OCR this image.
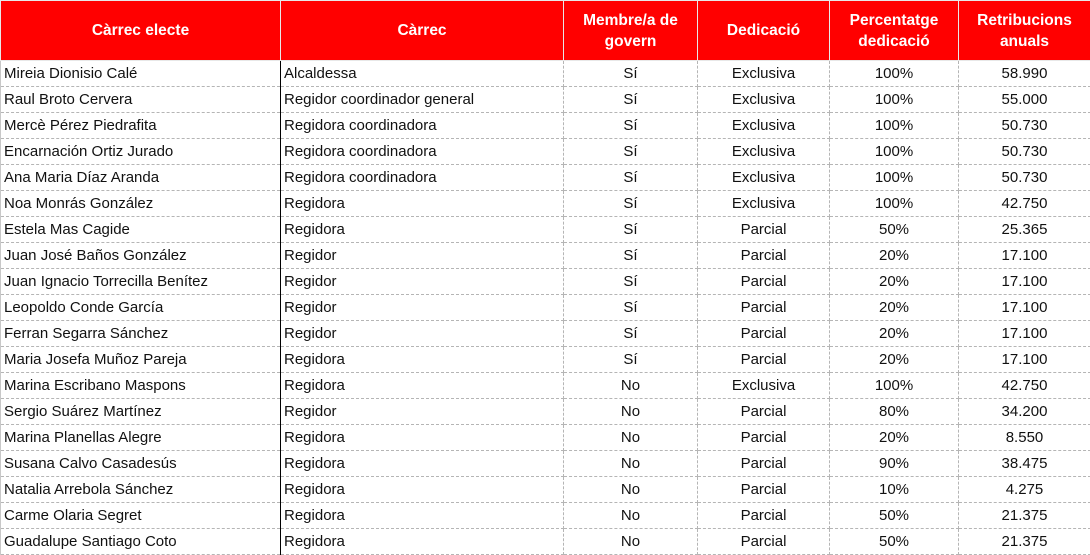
Càrrec electe	Càrrec	Membre/a de govern	Dedicació	Percentatge dedicació	Retribucions anuals
Mireia Dionisio Calé	Alcaldessa	Sí	Exclusiva	100%	58.990
Raul Broto Cervera	Regidor coordinador general	Sí	Exclusiva	100%	55.000
Mercè Pérez Piedrafita	Regidora coordinadora	Sí	Exclusiva	100%	50.730
Encarnación Ortiz Jurado	Regidora coordinadora	Sí	Exclusiva	100%	50.730
Ana Maria Díaz Aranda	Regidora coordinadora	Sí	Exclusiva	100%	50.730
Noa Monrás González	Regidora	Sí	Exclusiva	100%	42.750
Estela Mas Cagide	Regidora	Sí	Parcial	50%	25.365
Juan José Baños González	Regidor	Sí	Parcial	20%	17.100
Juan Ignacio Torrecilla Benítez	Regidor	Sí	Parcial	20%	17.100
Leopoldo Conde García	Regidor	Sí	Parcial	20%	17.100
Ferran Segarra Sánchez	Regidor	Sí	Parcial	20%	17.100
Maria Josefa Muñoz Pareja	Regidora	Sí	Parcial	20%	17.100
Marina Escribano Maspons	Regidora	No	Exclusiva	100%	42.750
Sergio Suárez Martínez	Regidor	No	Parcial	80%	34.200
Marina Planellas Alegre	Regidora	No	Parcial	20%	8.550
Susana Calvo Casadesús	Regidora	No	Parcial	90%	38.475
Natalia Arrebola Sánchez	Regidora	No	Parcial	10%	4.275
Carme Olaria Segret	Regidora	No	Parcial	50%	21.375
Guadalupe Santiago Coto	Regidora	No	Parcial	50%	21.375
